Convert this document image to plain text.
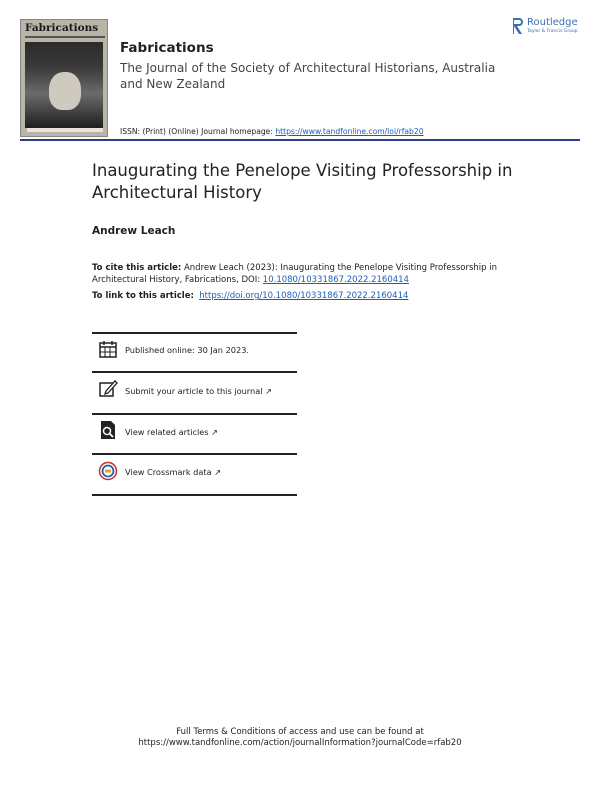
Fabrications
Fabrications
The Journal of the Society of Architectural Historians, Australia and New Zealand
ISSN: (Print) (Online) Journal homepage: https://www.tandfonline.com/loi/rfab20
Routledge
Taylor & Francis Group
Inaugurating the Penelope Visiting Professorship in Architectural History
Andrew Leach
To cite this article: Andrew Leach (2023): Inaugurating the Penelope Visiting Professorship in Architectural History, Fabrications, DOI: 10.1080/10331867.2022.2160414
To link to this article: https://doi.org/10.1080/10331867.2022.2160414
Published online: 30 Jan 2023.
Submit your article to this journal ↗
View related articles ↗
View Crossmark data ↗
Full Terms & Conditions of access and use can be found at
https://www.tandfonline.com/action/journalInformation?journalCode=rfab20
